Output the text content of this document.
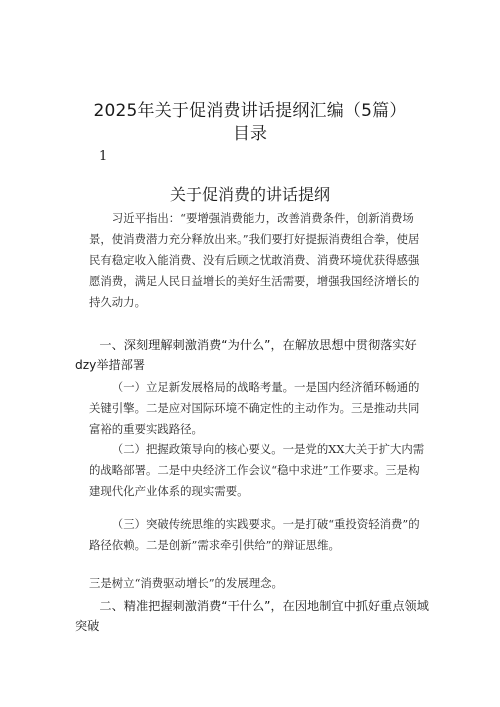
2025年关于促消费讲话提纲汇编（5篇）
目录
1
关于促消费的讲话提纲

习近平指出：“要增强消费能力，改善消费条件，创新消费场景，使消费潜力充分释放出来。”我们要打好提振消费组合拳，使居民有稳定收入能消费、没有后顾之忧敢消费、消费环境优获得感强愿消费，满足人民日益增长的美好生活需要，增强我国经济增长的持久动力。

一、深刻理解刺激消费“为什么”，在解放思想中贯彻落实好dzy举措部署

（一）立足新发展格局的战略考量。一是国内经济循环畅通的关键引擎。二是应对国际环境不确定性的主动作为。三是推动共同富裕的重要实践路径。

（二）把握政策导向的核心要义。一是党的XX大关于扩大内需的战略部署。二是中央经济工作会议“稳中求进”工作要求。三是构建现代化产业体系的现实需要。

（三）突破传统思维的实践要求。一是打破“重投资轻消费”的路径依赖。二是创新”需求牵引供给”的辩证思维。

三是树立“消费驱动增长”的发展理念。

二、精准把握刺激消费“干什么”，在因地制宜中抓好重点领域突破
